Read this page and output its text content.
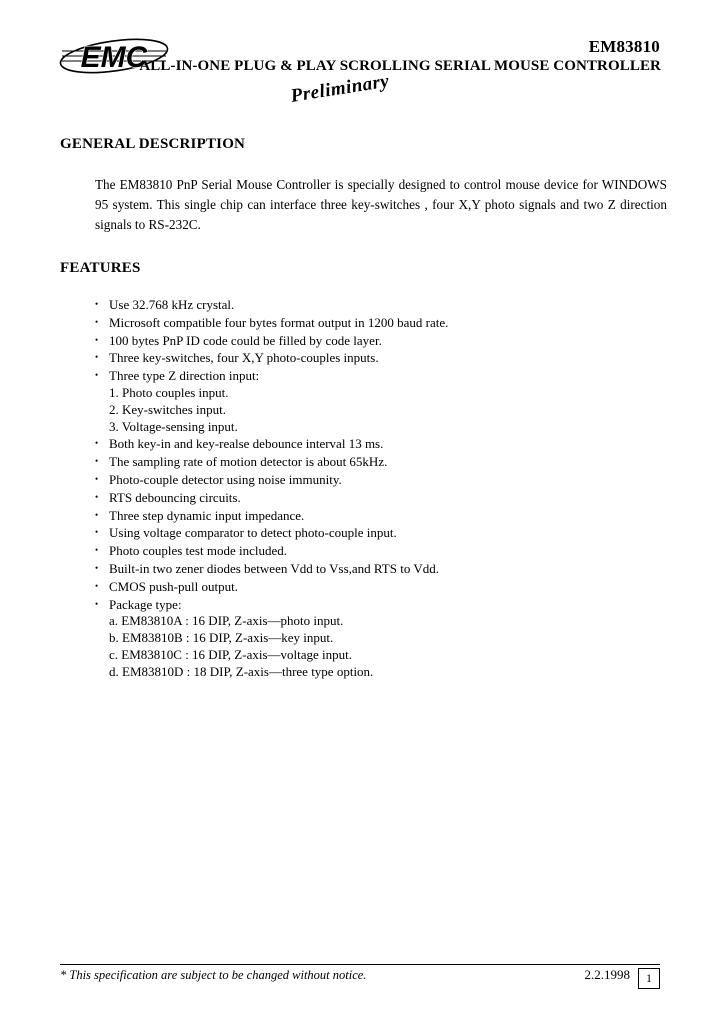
EMC	EM83810
ALL-IN-ONE PLUG & PLAY SCROLLING SERIAL MOUSE CONTROLLER
Preliminary
GENERAL DESCRIPTION
The EM83810 PnP Serial Mouse Controller is specially designed to control mouse device for WINDOWS 95 system. This single chip can interface three key-switches , four X,Y photo signals and two Z direction signals to RS-232C.
FEATURES
• Use 32.768 kHz crystal.
• Microsoft compatible four bytes format output in 1200 baud rate.
• 100 bytes PnP ID code could be filled by code layer.
• Three key-switches, four X,Y photo-couples inputs.
• Three type Z direction input:
1. Photo couples input.
2. Key-switches input.
3. Voltage-sensing input.
• Both key-in and key-realse debounce interval 13 ms.
• The sampling rate of motion detector is about 65kHz.
• Photo-couple detector using noise immunity.
• RTS debouncing circuits.
• Three step dynamic input impedance.
• Using voltage comparator to detect photo-couple input.
• Photo couples test mode included.
• Built-in two zener diodes between Vdd to Vss,and RTS to Vdd.
• CMOS push-pull output.
• Package type:
a. EM83810A : 16 DIP, Z-axis—photo input.
b. EM83810B : 16 DIP, Z-axis—key input.
c. EM83810C : 16 DIP, Z-axis—voltage input.
d. EM83810D : 18 DIP, Z-axis—three type option.
* This specification are subject to be changed without notice.	2.2.1998	1
